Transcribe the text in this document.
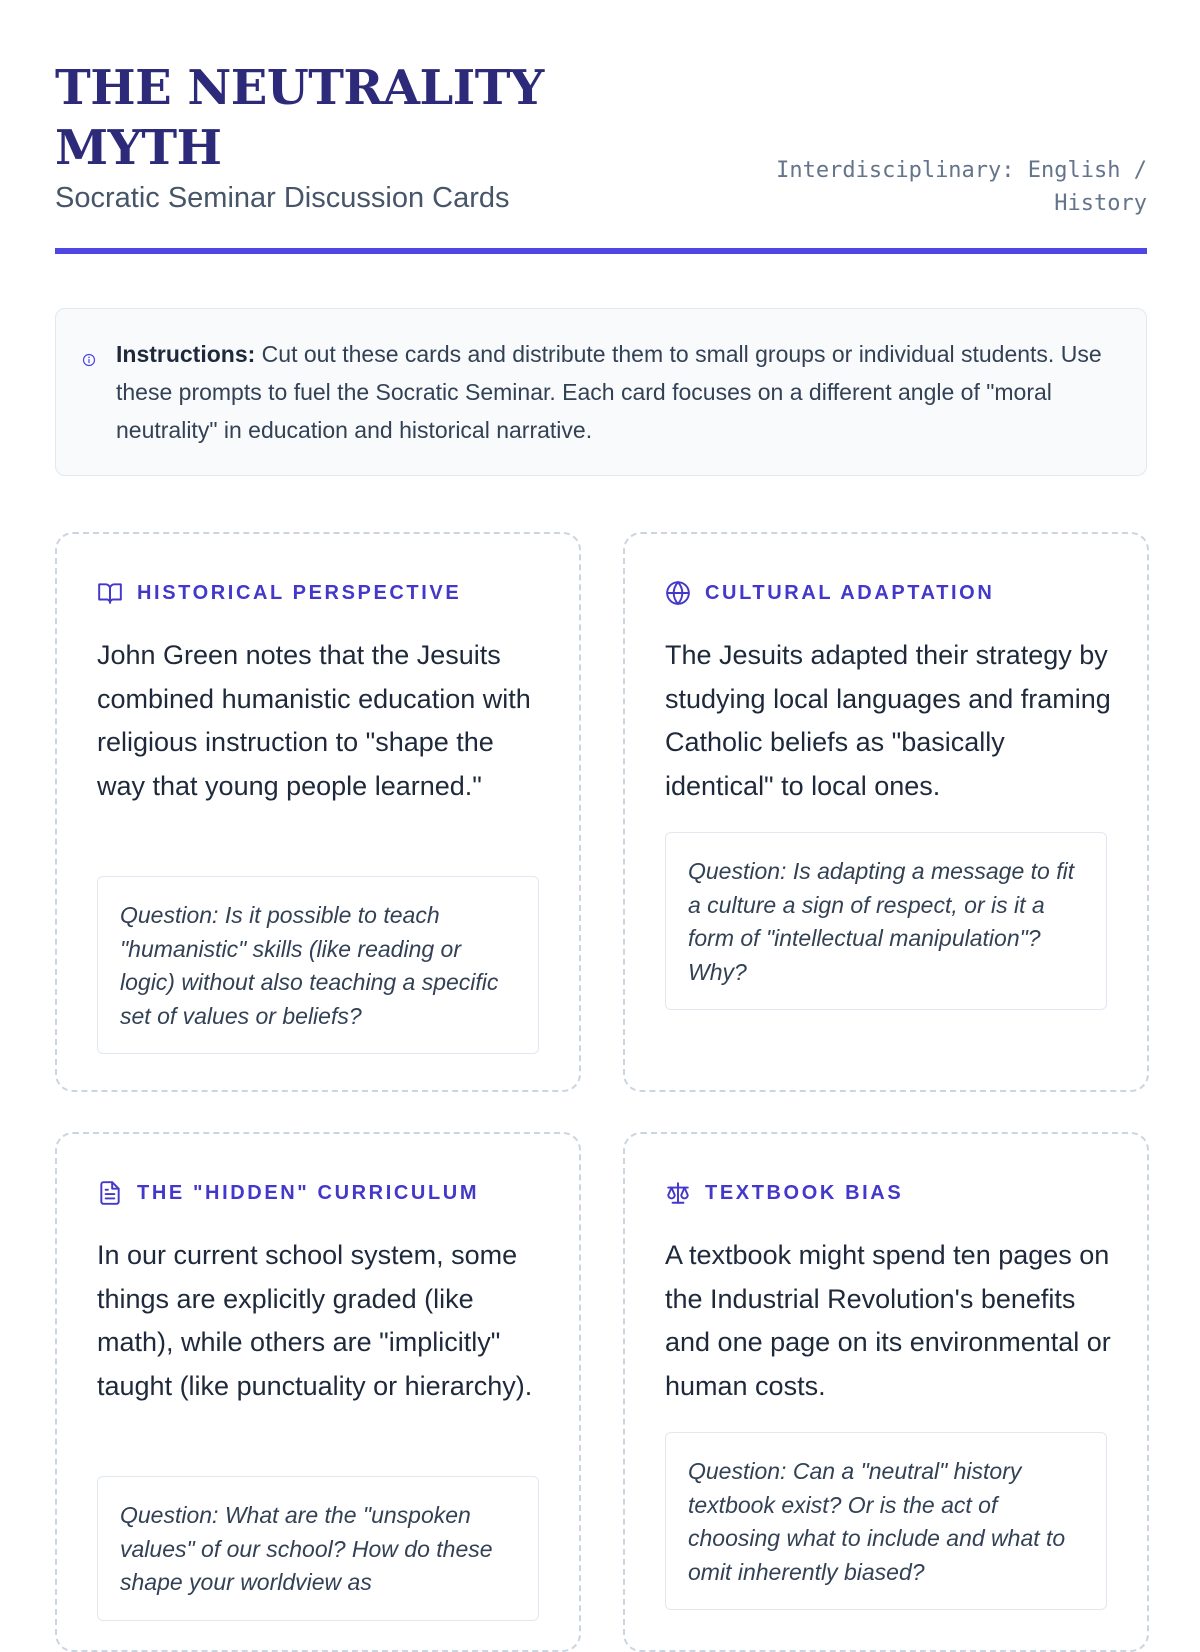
THE NEUTRALITY MYTH
Socratic Seminar Discussion Cards
Interdisciplinary: English / History
Instructions: Cut out these cards and distribute them to small groups or individual students. Use these prompts to fuel the Socratic Seminar. Each card focuses on a different angle of "moral neutrality" in education and historical narrative.
HISTORICAL PERSPECTIVE
John Green notes that the Jesuits combined humanistic education with religious instruction to "shape the way that young people learned."
Question: Is it possible to teach "humanistic" skills (like reading or logic) without also teaching a specific set of values or beliefs?
CULTURAL ADAPTATION
The Jesuits adapted their strategy by studying local languages and framing Catholic beliefs as "basically identical" to local ones.
Question: Is adapting a message to fit a culture a sign of respect, or is it a form of "intellectual manipulation"? Why?
THE "HIDDEN" CURRICULUM
In our current school system, some things are explicitly graded (like math), while others are "implicitly" taught (like punctuality or hierarchy).
Question: What are the "unspoken values" of our school? How do these shape your worldview as
TEXTBOOK BIAS
A textbook might spend ten pages on the Industrial Revolution's benefits and one page on its environmental or human costs.
Question: Can a "neutral" history textbook exist? Or is the act of choosing what to include and what to omit inherently biased?
